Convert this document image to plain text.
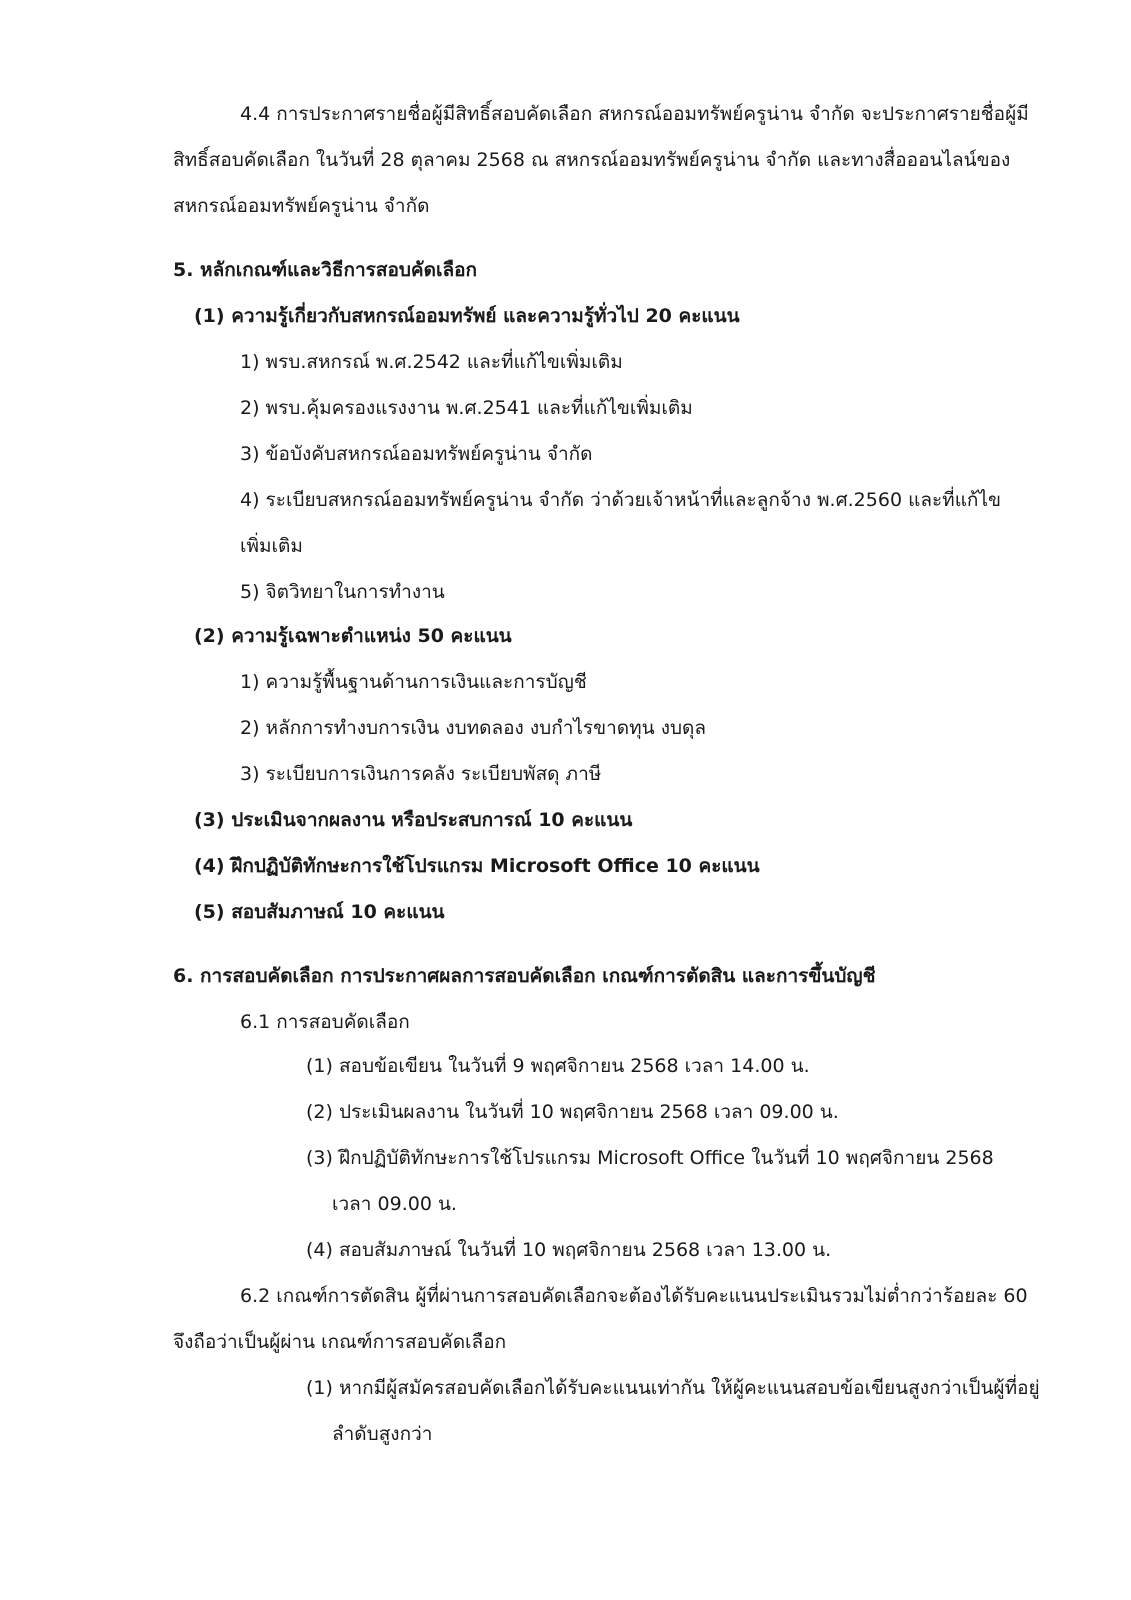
4.4 การประกาศรายชื่อผู้มีสิทธิ์สอบคัดเลือก สหกรณ์ออมทรัพย์ครูน่าน จำกัด จะประกาศรายชื่อผู้มี
สิทธิ์สอบคัดเลือก ในวันที่ 28 ตุลาคม 2568 ณ สหกรณ์ออมทรัพย์ครูน่าน จำกัด และทางสื่อออนไลน์ของ
สหกรณ์ออมทรัพย์ครูน่าน จำกัด
5. หลักเกณฑ์และวิธีการสอบคัดเลือก
(1) ความรู้เกี่ยวกับสหกรณ์ออมทรัพย์ และความรู้ทั่วไป 20 คะแนน
1) พรบ.สหกรณ์ พ.ศ.2542 และที่แก้ไขเพิ่มเติม
2) พรบ.คุ้มครองแรงงาน พ.ศ.2541 และที่แก้ไขเพิ่มเติม
3) ข้อบังคับสหกรณ์ออมทรัพย์ครูน่าน จำกัด
4) ระเบียบสหกรณ์ออมทรัพย์ครูน่าน จำกัด ว่าด้วยเจ้าหน้าที่และลูกจ้าง พ.ศ.2560 และที่แก้ไข
เพิ่มเติม
5) จิตวิทยาในการทำงาน
(2) ความรู้เฉพาะตำแหน่ง 50 คะแนน
1) ความรู้พื้นฐานด้านการเงินและการบัญชี
2) หลักการทำงบการเงิน งบทดลอง งบกำไรขาดทุน งบดุล
3) ระเบียบการเงินการคลัง ระเบียบพัสดุ ภาษี
(3) ประเมินจากผลงาน หรือประสบการณ์ 10 คะแนน
(4) ฝึกปฏิบัติทักษะการใช้โปรแกรม Microsoft Office 10 คะแนน
(5) สอบสัมภาษณ์ 10 คะแนน
6. การสอบคัดเลือก การประกาศผลการสอบคัดเลือก เกณฑ์การตัดสิน และการขึ้นบัญชี
6.1 การสอบคัดเลือก
(1) สอบข้อเขียน ในวันที่ 9 พฤศจิกายน 2568 เวลา 14.00 น.
(2) ประเมินผลงาน ในวันที่ 10 พฤศจิกายน 2568 เวลา 09.00 น.
(3) ฝึกปฏิบัติทักษะการใช้โปรแกรม Microsoft Office ในวันที่ 10 พฤศจิกายน 2568
เวลา 09.00 น.
(4) สอบสัมภาษณ์ ในวันที่ 10 พฤศจิกายน 2568 เวลา 13.00 น.
6.2 เกณฑ์การตัดสิน ผู้ที่ผ่านการสอบคัดเลือกจะต้องได้รับคะแนนประเมินรวมไม่ต่ำกว่าร้อยละ 60
จึงถือว่าเป็นผู้ผ่าน เกณฑ์การสอบคัดเลือก
(1) หากมีผู้สมัครสอบคัดเลือกได้รับคะแนนเท่ากัน ให้ผู้คะแนนสอบข้อเขียนสูงกว่าเป็นผู้ที่อยู่
ลำดับสูงกว่า
